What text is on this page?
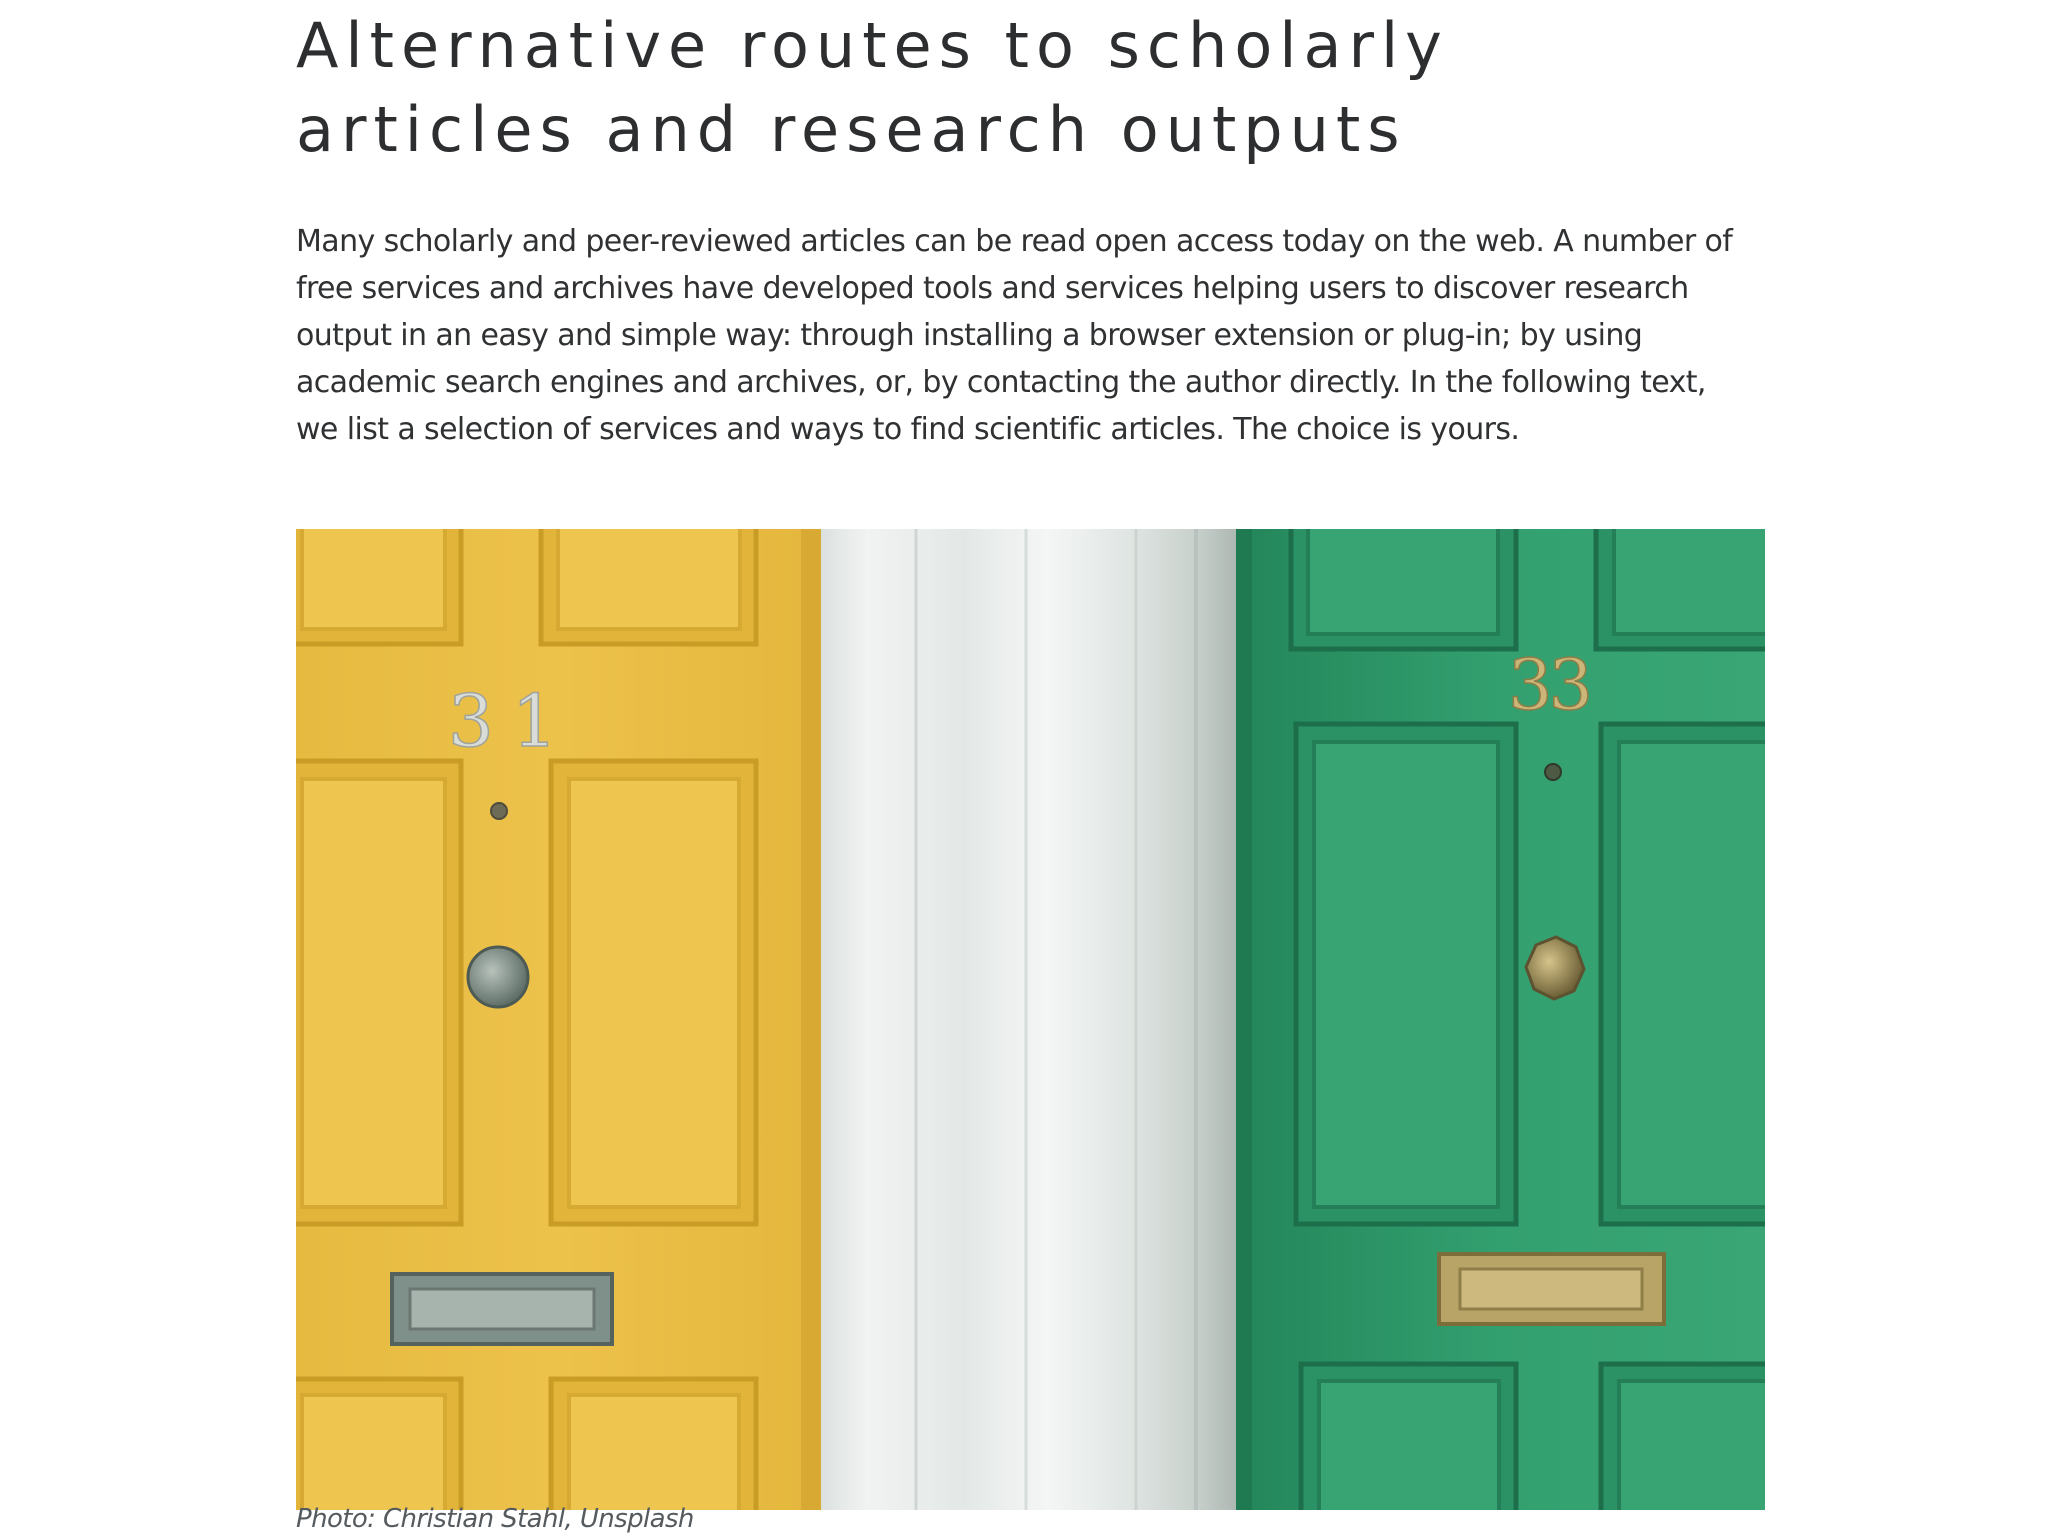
Alternative routes to scholarly articles and research outputs

Many scholarly and peer-reviewed articles can be read open access today on the web. A number of free services and archives have developed tools and services helping users to discover research output in an easy and simple way: through installing a browser extension or plug-in; by using academic search engines and archives, or, by contacting the author directly. In the following text, we list a selection of services and ways to find scientific articles. The choice is yours.

31	33

Photo: Christian Stahl, Unsplash
